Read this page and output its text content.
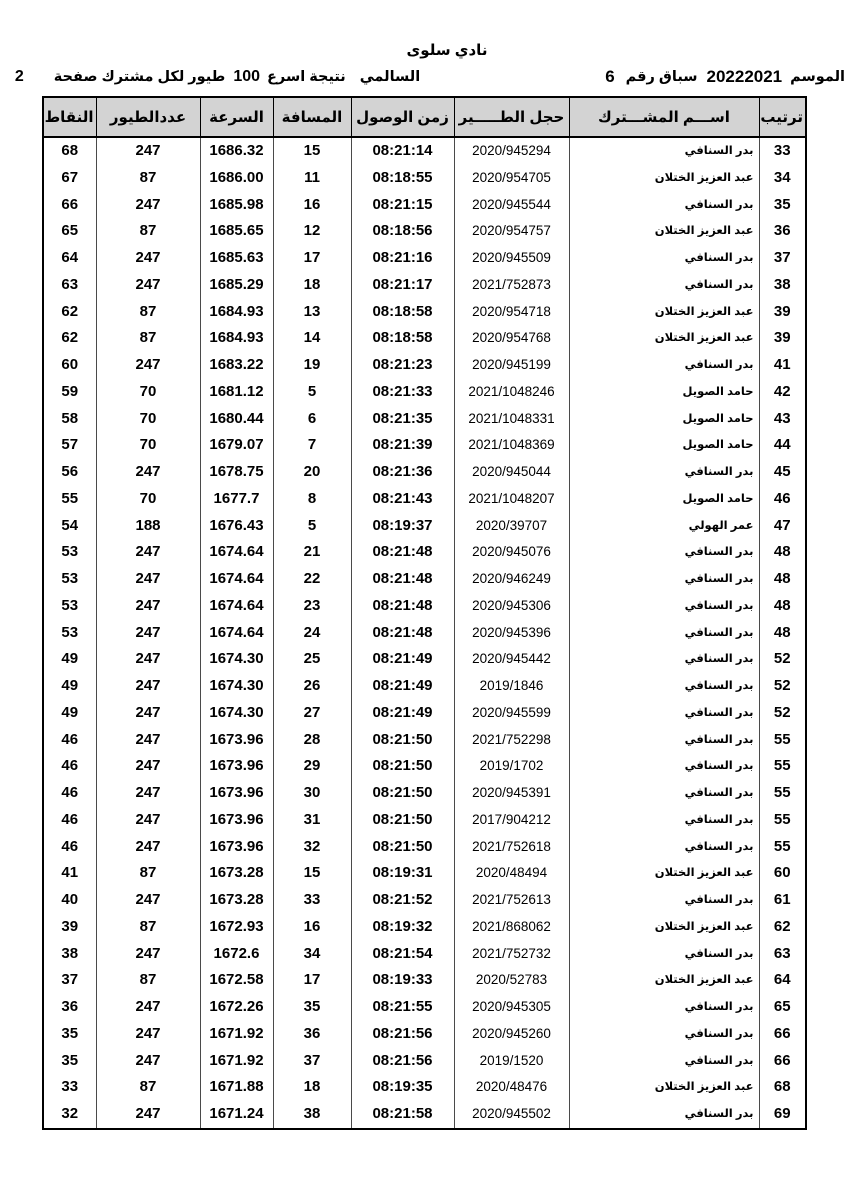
نادي سلوى
الموسم
20222021
سباق رقم
6
السالمي
نتيجة اسرع
100
طيور لكل مشترك
صفحة
2
ترتيب	اســـم المشـــترك	حجل الطـــــير	زمن الوصول	المسافة	السرعة	عددالطيور	النقاط
33	بدر السنافي	2020/945294	08:21:14	15	1686.32	247	68
34	عبد العزيز الختلان	2020/954705	08:18:55	11	1686.00	87	67
35	بدر السنافي	2020/945544	08:21:15	16	1685.98	247	66
36	عبد العزيز الختلان	2020/954757	08:18:56	12	1685.65	87	65
37	بدر السنافي	2020/945509	08:21:16	17	1685.63	247	64
38	بدر السنافي	2021/752873	08:21:17	18	1685.29	247	63
39	عبد العزيز الختلان	2020/954718	08:18:58	13	1684.93	87	62
39	عبد العزيز الختلان	2020/954768	08:18:58	14	1684.93	87	62
41	بدر السنافي	2020/945199	08:21:23	19	1683.22	247	60
42	حامد الصويل	2021/1048246	08:21:33	5	1681.12	70	59
43	حامد الصويل	2021/1048331	08:21:35	6	1680.44	70	58
44	حامد الصويل	2021/1048369	08:21:39	7	1679.07	70	57
45	بدر السنافي	2020/945044	08:21:36	20	1678.75	247	56
46	حامد الصويل	2021/1048207	08:21:43	8	1677.7	70	55
47	عمر الهولي	2020/39707	08:19:37	5	1676.43	188	54
48	بدر السنافي	2020/945076	08:21:48	21	1674.64	247	53
48	بدر السنافي	2020/946249	08:21:48	22	1674.64	247	53
48	بدر السنافي	2020/945306	08:21:48	23	1674.64	247	53
48	بدر السنافي	2020/945396	08:21:48	24	1674.64	247	53
52	بدر السنافي	2020/945442	08:21:49	25	1674.30	247	49
52	بدر السنافي	2019/1846	08:21:49	26	1674.30	247	49
52	بدر السنافي	2020/945599	08:21:49	27	1674.30	247	49
55	بدر السنافي	2021/752298	08:21:50	28	1673.96	247	46
55	بدر السنافي	2019/1702	08:21:50	29	1673.96	247	46
55	بدر السنافي	2020/945391	08:21:50	30	1673.96	247	46
55	بدر السنافي	2017/904212	08:21:50	31	1673.96	247	46
55	بدر السنافي	2021/752618	08:21:50	32	1673.96	247	46
60	عبد العزيز الختلان	2020/48494	08:19:31	15	1673.28	87	41
61	بدر السنافي	2021/752613	08:21:52	33	1673.28	247	40
62	عبد العزيز الختلان	2021/868062	08:19:32	16	1672.93	87	39
63	بدر السنافي	2021/752732	08:21:54	34	1672.6	247	38
64	عبد العزيز الختلان	2020/52783	08:19:33	17	1672.58	87	37
65	بدر السنافي	2020/945305	08:21:55	35	1672.26	247	36
66	بدر السنافي	2020/945260	08:21:56	36	1671.92	247	35
66	بدر السنافي	2019/1520	08:21:56	37	1671.92	247	35
68	عبد العزيز الختلان	2020/48476	08:19:35	18	1671.88	87	33
69	بدر السنافي	2020/945502	08:21:58	38	1671.24	247	32
